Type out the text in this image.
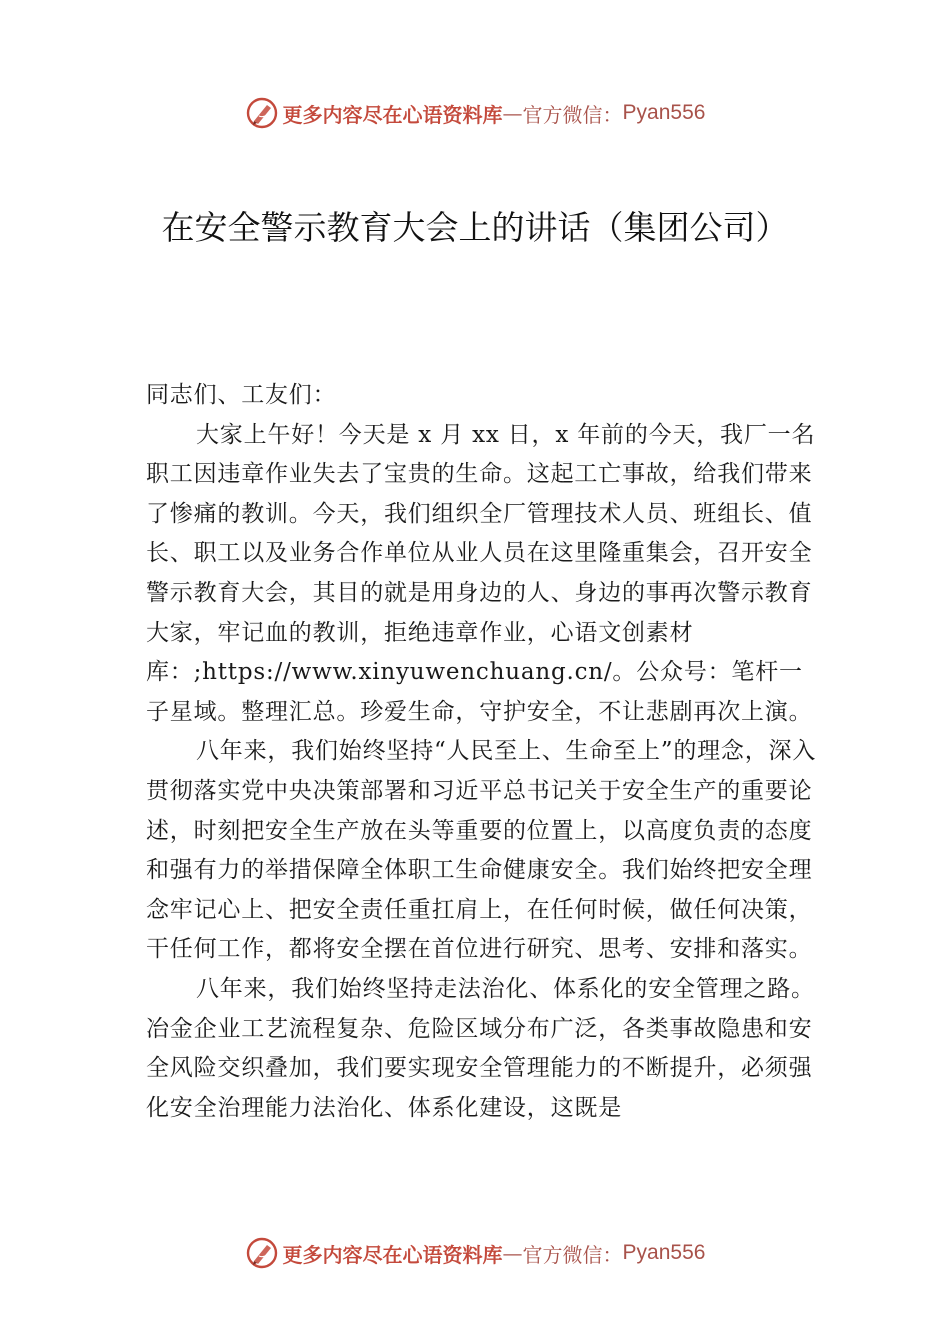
更多内容尽在心语资料库 — 官方微信： Pyan556
在安全警示教育大会上的讲话（集团公司）

同志们、工友们：

大家上午好！今天是 x 月 xx 日，x 年前的今天，我厂一名职工因违章作业失去了宝贵的生命。这起工亡事故，给我们带来了惨痛的教训。今天，我们组织全厂管理技术人员、班组长、值长、职工以及业务合作单位从业人员在这里隆重集会，召开安全警示教育大会，其目的就是用身边的人、身边的事再次警示教育大家，牢记血的教训，拒绝违章作业，心语文创素材库：;https://www.xinyuwenchuang.cn/。公众号：笔杆一子星域。整理汇总。珍爱生命，守护安全，不让悲剧再次上演。

八年来，我们始终坚持“人民至上、生命至上”的理念，深入贯彻落实党中央决策部署和习近平总书记关于安全生产的重要论述，时刻把安全生产放在头等重要的位置上，以高度负责的态度和强有力的举措保障全体职工生命健康安全。我们始终把安全理念牢记心上、把安全责任重扛肩上，在任何时候，做任何决策，干任何工作，都将安全摆在首位进行研究、思考、安排和落实。

八年来，我们始终坚持走法治化、体系化的安全管理之路。冶金企业工艺流程复杂、危险区域分布广泛，各类事故隐患和安全风险交织叠加，我们要实现安全管理能力的不断提升，必须强化安全治理能力法治化、体系化建设，这既是

更多内容尽在心语资料库 — 官方微信： Pyan556
